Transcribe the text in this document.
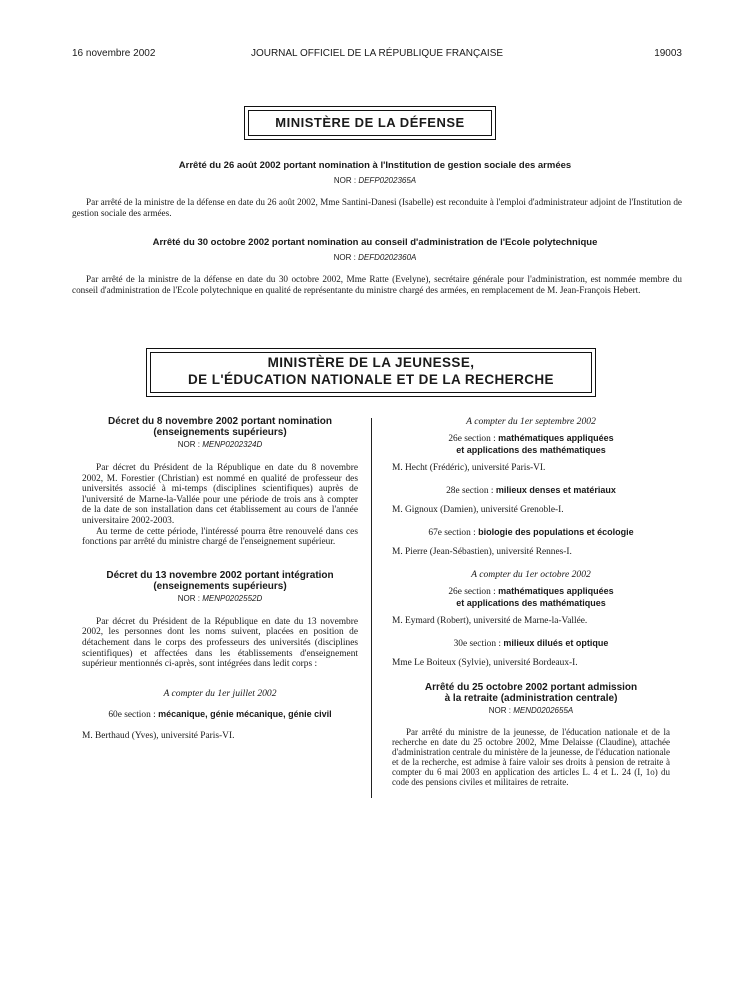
16 novembre 2002	JOURNAL OFFICIEL DE LA RÉPUBLIQUE FRANÇAISE	19003
MINISTÈRE DE LA DÉFENSE
Arrêté du 26 août 2002 portant nomination à l'Institution de gestion sociale des armées
NOR : DEFP0202365A

Par arrêté de la ministre de la défense en date du 26 août 2002, Mme Santini-Danesi (Isabelle) est reconduite à l'emploi d'administrateur adjoint de l'Institution de gestion sociale des armées.

Arrêté du 30 octobre 2002 portant nomination au conseil d'administration de l'Ecole polytechnique
NOR : DEFD0202360A

Par arrêté de la ministre de la défense en date du 30 octobre 2002, Mme Ratte (Evelyne), secrétaire générale pour l'administration, est nommée membre du conseil d'administration de l'Ecole polytechnique en qualité de représentante du ministre chargé des armées, en remplacement de M. Jean-François Hebert.

MINISTÈRE DE LA JEUNESSE,
DE L'ÉDUCATION NATIONALE ET DE LA RECHERCHE

Décret du 8 novembre 2002 portant nomination
(enseignements supérieurs)

NOR : MENP0202324D

Par décret du Président de la République en date du 8 novembre 2002, M. Forestier (Christian) est nommé en qualité de professeur des universités associé à mi-temps (disciplines scientifiques) auprès de l'université de Marne-la-Vallée pour une période de trois ans à compter de la date de son installation dans cet établissement au cours de l'année universitaire 2002-2003.

Au terme de cette période, l'intéressé pourra être renouvelé dans ces fonctions par arrêté du ministre chargé de l'enseignement supérieur.

Décret du 13 novembre 2002 portant intégration
(enseignements supérieurs)

NOR : MENP0202552D

Par décret du Président de la République en date du 13 novembre 2002, les personnes dont les noms suivent, placées en position de détachement dans le corps des professeurs des universités (disciplines scientifiques) et affectées dans les établissements d'enseignement supérieur mentionnés ci-après, sont intégrées dans ledit corps :

A compter du 1er juillet 2002

60e section : mécanique, génie mécanique, génie civil

M. Berthaud (Yves), université Paris-VI.

A compter du 1er septembre 2002

26e section : mathématiques appliquées
et applications des mathématiques

M. Hecht (Frédéric), université Paris-VI.

28e section : milieux denses et matériaux

M. Gignoux (Damien), université Grenoble-I.

67e section : biologie des populations et écologie

M. Pierre (Jean-Sébastien), université Rennes-I.

A compter du 1er octobre 2002

26e section : mathématiques appliquées
et applications des mathématiques

M. Eymard (Robert), université de Marne-la-Vallée.

30e section : milieux dilués et optique

Mme Le Boiteux (Sylvie), université Bordeaux-I.

Arrêté du 25 octobre 2002 portant admission
à la retraite (administration centrale)

NOR : MEND0202655A

Par arrêté du ministre de la jeunesse, de l'éducation nationale et de la recherche en date du 25 octobre 2002, Mme Delaisse (Claudine), attachée d'administration centrale du ministère de la jeunesse, de l'éducation nationale et de la recherche, est admise à faire valoir ses droits à pension de retraite à compter du 6 mai 2003 en application des articles L. 4 et L. 24 (I, 1o) du code des pensions civiles et militaires de retraite.
